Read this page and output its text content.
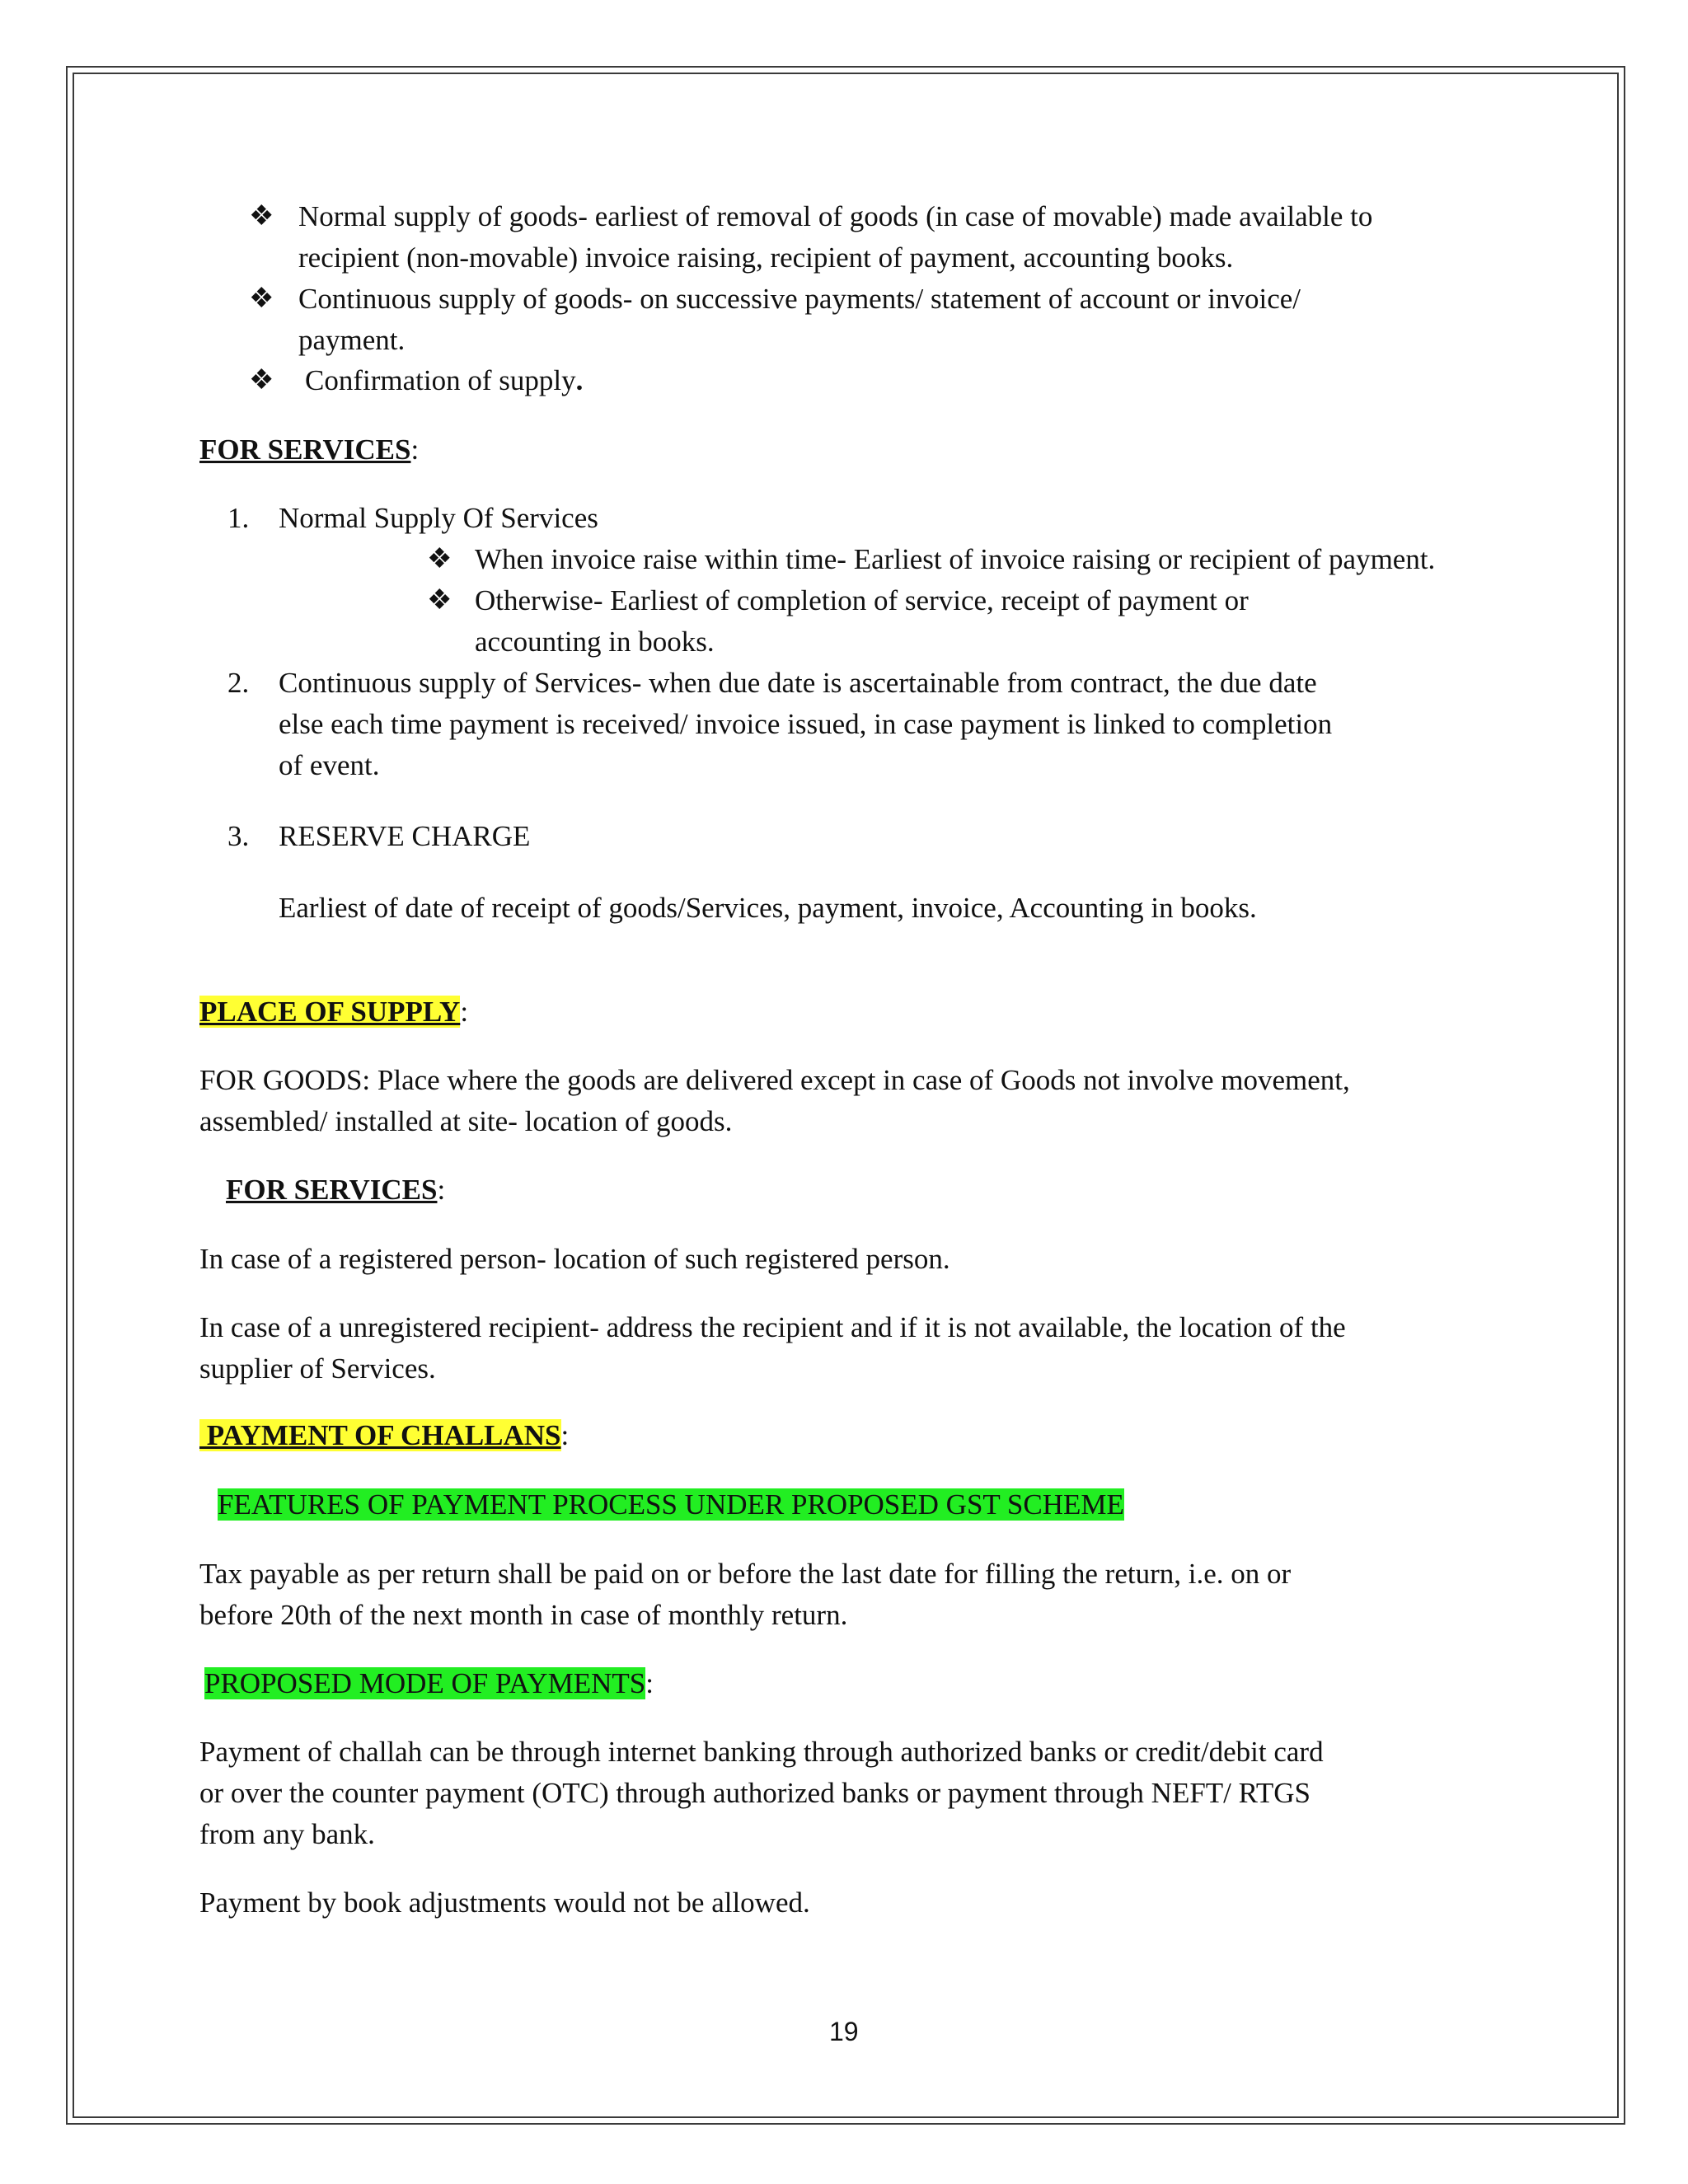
❖ Normal supply of goods- earliest of removal of goods (in case of movable) made available to
recipient (non-movable) invoice raising, recipient of payment, accounting books.
❖ Continuous supply of goods- on successive payments/ statement of account or invoice/
payment.
❖ Confirmation of supply.
FOR SERVICES:
1. Normal Supply Of Services
❖ When invoice raise within time- Earliest of invoice raising or recipient of payment.
❖ Otherwise- Earliest of completion of service, receipt of payment or
accounting in books.
2. Continuous supply of Services- when due date is ascertainable from contract, the due date
else each time payment is received/ invoice issued, in case payment is linked to completion
of event.
3. RESERVE CHARGE
Earliest of date of receipt of goods/Services, payment, invoice, Accounting in books.
PLACE OF SUPPLY:
FOR GOODS: Place where the goods are delivered except in case of Goods not involve movement,
assembled/ installed at site- location of goods.
FOR SERVICES:
In case of a registered person- location of such registered person.
In case of a unregistered recipient- address the recipient and if it is not available, the location of the
supplier of Services.
PAYMENT OF CHALLANS:
FEATURES OF PAYMENT PROCESS UNDER PROPOSED GST SCHEME
Tax payable as per return shall be paid on or before the last date for filling the return, i.e. on or
before 20th of the next month in case of monthly return.
PROPOSED MODE OF PAYMENTS:
Payment of challah can be through internet banking through authorized banks or credit/debit card
or over the counter payment (OTC) through authorized banks or payment through NEFT/ RTGS
from any bank.
Payment by book adjustments would not be allowed.
19
